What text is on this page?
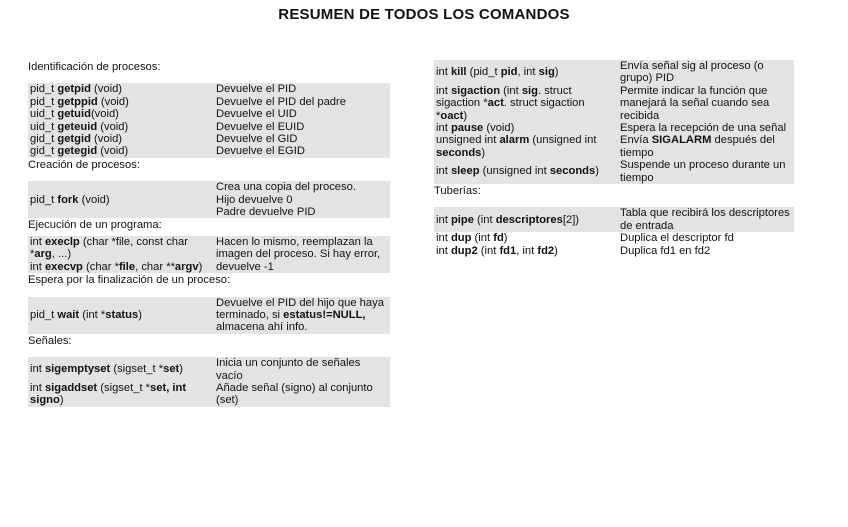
RESUMEN DE TODOS LOS COMANDOS
Identificación de procesos:
pid_t getpid (void)	Devuelve el PID
pid_t getppid (void)	Devuelve el PID del padre
uid_t getuid(void)	Devuelve el UID
uid_t geteuid (void)	Devuelve el EUID
gid_t getgid (void)	Devuelve el GID
gid_t getegid (void)	Devuelve el EGID
Creación de procesos:
pid_t fork (void)	Crea una copia del proceso.
Hijo devuelve 0
Padre devuelve PID
Ejecución de un programa:
int execlp (char *file, const char *arg, ...)	Hacen lo mismo, reemplazan la imagen del proceso. Si hay error, devuelve -1
int execvp (char *file, char **argv)
Espera por la finalización de un proceso:
pid_t wait (int *status)	Devuelve el PID del hijo que haya terminado, si estatus!=NULL, almacena ahí info.
Señales:
int sigemptyset (sigset_t *set)	Inicia un conjunto de señales vacío
int sigaddset (sigset_t *set, int signo)	Añade señal (signo) al conjunto (set)
int kill (pid_t pid, int sig)	Envía señal sig al proceso (o grupo) PID
int sigaction (int sig. struct sigaction *act. struct sigaction *oact)	Permite indicar la función que manejará la señal cuando sea recibida
int pause (void)	Espera la recepción de una señal
unsigned int alarm (unsigned int seconds)	Envía SIGALARM después del tiempo
int sleep (unsigned int seconds)	Suspende un proceso durante un tiempo
Tuberías:
int pipe (int descriptores[2])	Tabla que recibirá los descriptores de entrada
int dup (int fd)	Duplica el descriptor fd
int dup2 (int fd1, int fd2)	Duplica fd1 en fd2
